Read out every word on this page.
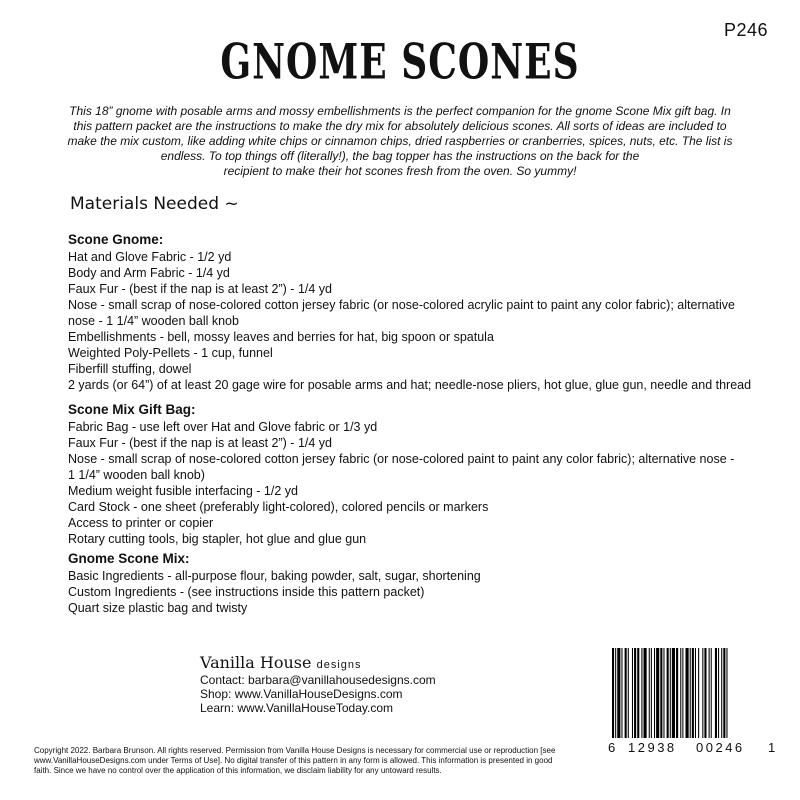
P246
GNOME SCONES
This 18” gnome with posable arms and mossy embellishments is the perfect companion for the gnome Scone Mix gift bag. In
this pattern packet are the instructions to make the dry mix for absolutely delicious scones. All sorts of ideas are included to
make the mix custom, like adding white chips or cinnamon chips, dried raspberries or cranberries, spices, nuts, etc. The list is
endless. To top things off (literally!), the bag topper has the instructions on the back for the
recipient to make their hot scones fresh from the oven. So yummy!
Materials Needed ~
Scone Gnome:
Hat and Glove Fabric - 1/2 yd
Body and Arm Fabric - 1/4 yd
Faux Fur - (best if the nap is at least 2”) - 1/4 yd
Nose - small scrap of nose-colored cotton jersey fabric (or nose-colored acrylic paint to paint any color fabric); alternative
nose - 1 1/4” wooden ball knob
Embellishments - bell, mossy leaves and berries for hat, big spoon or spatula
Weighted Poly-Pellets - 1 cup, funnel
Fiberfill stuffing, dowel
2 yards (or 64”) of at least 20 gage wire for posable arms and hat; needle-nose pliers, hot glue, glue gun, needle and thread
Scone Mix Gift Bag:
Fabric Bag - use left over Hat and Glove fabric or 1/3 yd
Faux Fur - (best if the nap is at least 2”) - 1/4 yd
Nose - small scrap of nose-colored cotton jersey fabric (or nose-colored paint to paint any color fabric); alternative nose -
1 1/4” wooden ball knob)
Medium weight fusible interfacing - 1/2 yd
Card Stock - one sheet (preferably light-colored), colored pencils or markers
Access to printer or copier
Rotary cutting tools, big stapler, hot glue and glue gun
Gnome Scone Mix:
Basic Ingredients - all-purpose flour, baking powder, salt, sugar, shortening
Custom Ingredients - (see instructions inside this pattern packet)
Quart size plastic bag and twisty
Vanilla House designs
Contact: barbara@vanillahousedesigns.com
Shop: www.VanillaHouseDesigns.com
Learn: www.VanillaHouseToday.com
Copyright 2022. Barbara Brunson. All rights reserved. Permission from Vanilla House Designs is necessary for commercial use or reproduction [see
www.VanillaHouseDesigns.com under Terms of Use]. No digital transfer of this pattern in any form is allowed. This information is presented in good
faith. Since we have no control over the application of this information, we disclaim liability for any untoward results.
6 12938 00246 1
